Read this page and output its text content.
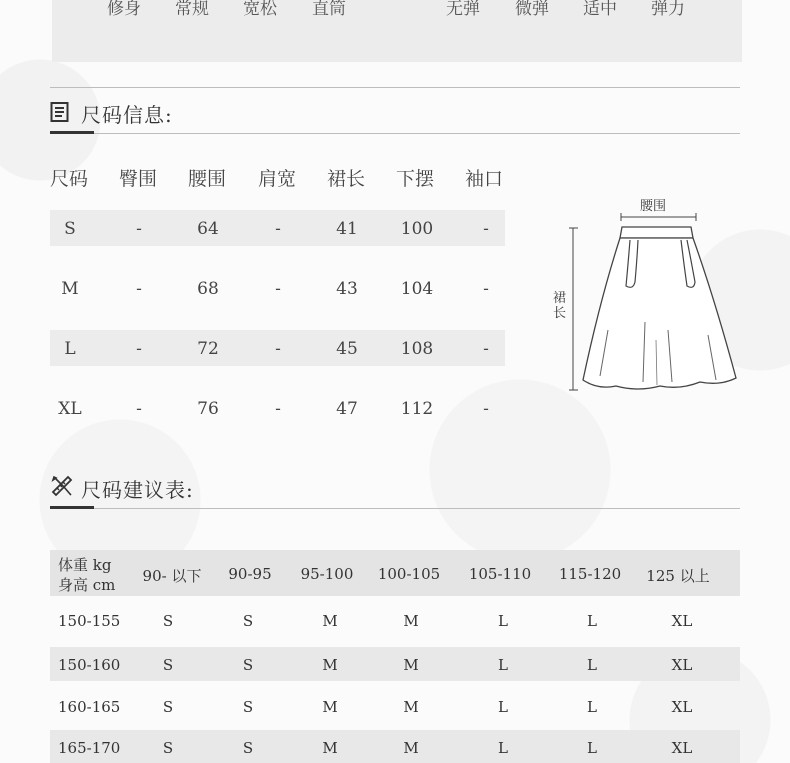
修身 常规 宽松 直筒	无弹 微弹 适中 弹力
尺码信息:
尺码 臀围 腰围 肩宽 裙长 下摆 袖口
S	-	64	-	41	100	-
M	-	68	-	43	104	-
L	-	72	-	45	108	-
XL	-	76	-	47	112	-
腰围
裙
长
尺码建议表:
体重 kg
身高 cm	90- 以下	90-95	95-100	100-105	105-110	115-120	125 以上
150-155	S	S	M	M	L	L	XL
150-160	S	S	M	M	L	L	XL
160-165	S	S	M	M	L	L	XL
165-170	S	S	M	M	L	L	XL
